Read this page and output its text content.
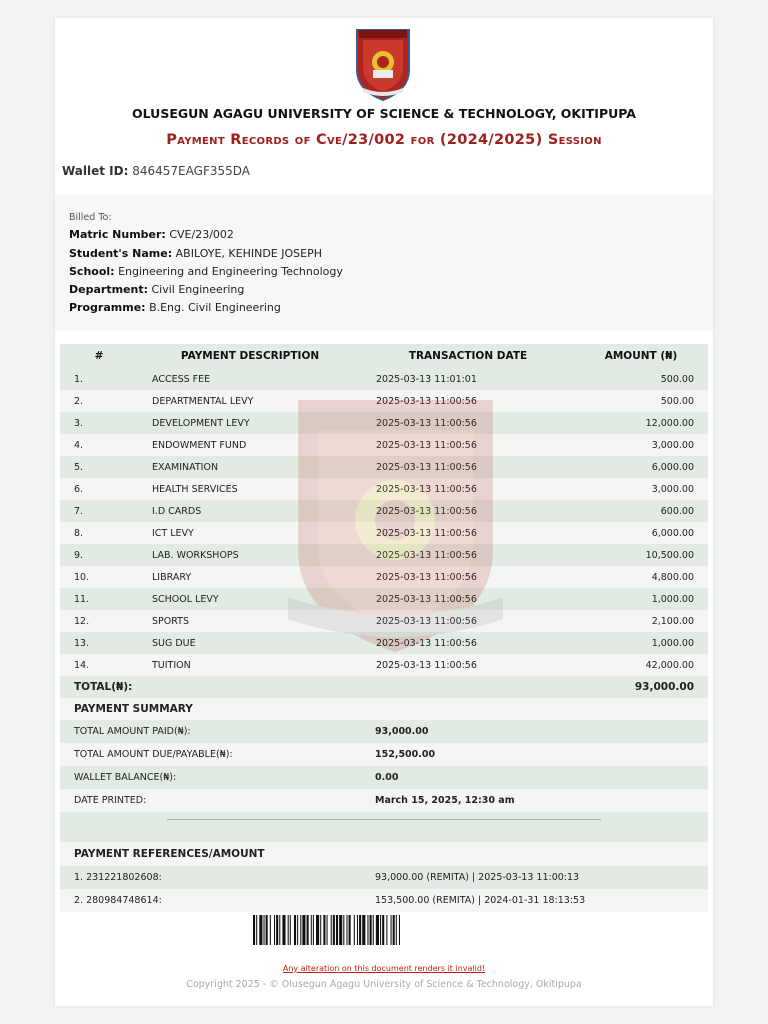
OLUSEGUN AGAGU UNIVERSITY OF SCIENCE & TECHNOLOGY, OKITIPUPA
Payment Records of Cve/23/002 for (2024/2025) Session
Wallet ID: 846457EAGF355DA
Billed To:
Matric Number: CVE/23/002
Student's Name: ABILOYE, KEHINDE JOSEPH
School: Engineering and Engineering Technology
Department: Civil Engineering
Programme: B.Eng. Civil Engineering
#	PAYMENT DESCRIPTION	TRANSACTION DATE	AMOUNT (₦)
1.	ACCESS FEE	2025-03-13 11:01:01	500.00
2.	DEPARTMENTAL LEVY	2025-03-13 11:00:56	500.00
3.	DEVELOPMENT LEVY	2025-03-13 11:00:56	12,000.00
4.	ENDOWMENT FUND	2025-03-13 11:00:56	3,000.00
5.	EXAMINATION	2025-03-13 11:00:56	6,000.00
6.	HEALTH SERVICES	2025-03-13 11:00:56	3,000.00
7.	I.D CARDS	2025-03-13 11:00:56	600.00
8.	ICT LEVY	2025-03-13 11:00:56	6,000.00
9.	LAB. WORKSHOPS	2025-03-13 11:00:56	10,500.00
10.	LIBRARY	2025-03-13 11:00:56	4,800.00
11.	SCHOOL LEVY	2025-03-13 11:00:56	1,000.00
12.	SPORTS	2025-03-13 11:00:56	2,100.00
13.	SUG DUE	2025-03-13 11:00:56	1,000.00
14.	TUITION	2025-03-13 11:00:56	42,000.00
TOTAL(₦):			93,000.00
PAYMENT SUMMARY
TOTAL AMOUNT PAID(₦):	93,000.00
TOTAL AMOUNT DUE/PAYABLE(₦):	152,500.00
WALLET BALANCE(₦):	0.00
DATE PRINTED:	March 15, 2025, 12:30 am
PAYMENT REFERENCES/AMOUNT
1. 231221802608:	93,000.00 (REMITA) | 2025-03-13 11:00:13
2. 280984748614:	153,500.00 (REMITA) | 2024-01-31 18:13:53
Any alteration on this document renders it invalid!
Copyright 2025 - © Olusegun Agagu University of Science & Technology, Okitipupa
